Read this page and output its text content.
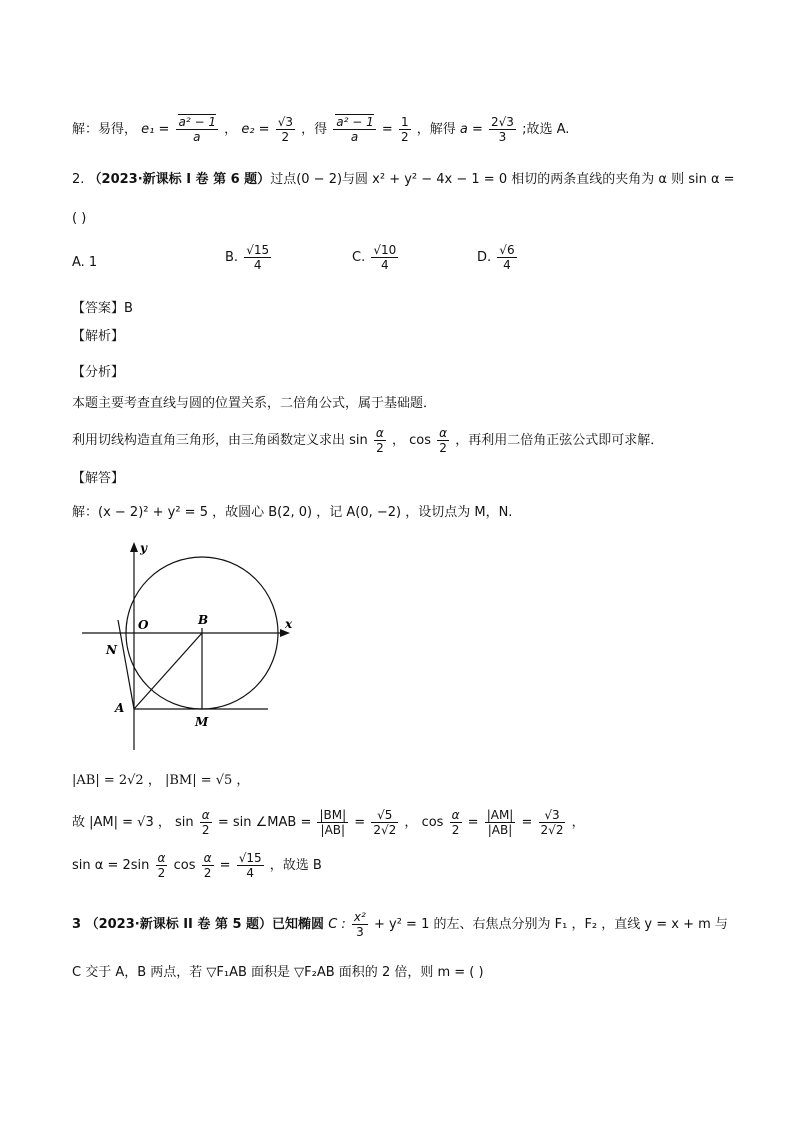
解：易得， $e_1 = \frac{\text{a² − 1}}{a}$ ， $e_2 = \frac{√3}{2}$ ，得 $\frac{\text{a² − 1}}{a} = \frac{1}{2}$ ，解得 $a = \frac{2√3}{3}$ ;故选 A.
2. （2023·新课标 I 卷 第 6 题）过点(0 − 2)与圆 x² + y² − 4x − 1 = 0 相切的两条直线的夹角为 α 则 sin α =
( )
A. 1	B. $\frac{√15}{4}$	C. $\frac{√10}{4}$	D. $\frac{√6}{4}$
【答案】B
【解析】
【分析】
本题主要考查直线与圆的位置关系，二倍角公式，属于基础题．
利用切线构造直角三角形，由三角函数定义求出 $\sin \frac{\alpha}{2}$ ， $\cos \frac{\alpha}{2}$ ，再利用二倍角正弦公式即可求解．
【解答】
解：(x − 2)² + y² = 5 ，故圆心 B(2, 0) ，记 A(0, −2) ，设切点为 M，N.
y
x
O	B
N
A
M
|AB| = 2√2 ， |BM| = √5 ，
故 |AM| = √3 ， $\sin \frac{\alpha}{2} = \sin$ ∠MAB = $\frac{|BM|}{|AB|} = \frac{√5}{2√2}$ ， $\cos \frac{\alpha}{2} = \frac{|AM|}{|AB|} = \frac{√3}{2√2}$ ，
$\sin \alpha = 2\sin \frac{\alpha}{2}$ $\cos \frac{\alpha}{2} = \frac{√15}{4}$ ，故选 B
3 （2023·新课标 II 卷 第 5 题）已知椭圆 C : $\frac{\text{x²}}{3} + y^2 = 1$ 的左、右焦点分别为 F₁ ，F₂ ，直线 y = x + m 与
C 交于 A，B 两点，若 ▽F₁AB 面积是 ▽F₂AB 面积的 2 倍，则 m = ( )
